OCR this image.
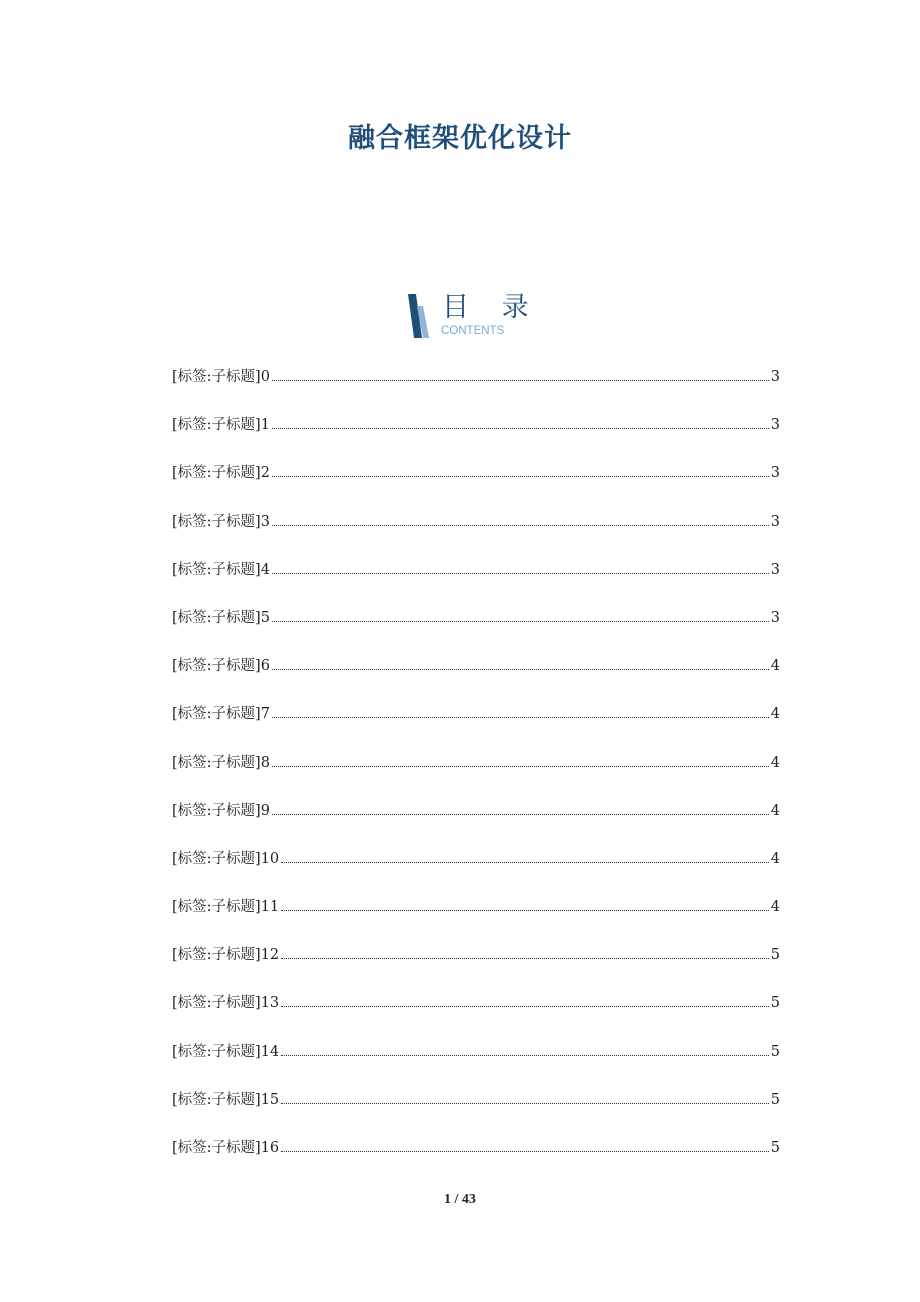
融合框架优化设计
目 录
CONTENTS
[标签:子标题]0	3
[标签:子标题]1	3
[标签:子标题]2	3
[标签:子标题]3	3
[标签:子标题]4	3
[标签:子标题]5	3
[标签:子标题]6	4
[标签:子标题]7	4
[标签:子标题]8	4
[标签:子标题]9	4
[标签:子标题]10	4
[标签:子标题]11	4
[标签:子标题]12	5
[标签:子标题]13	5
[标签:子标题]14	5
[标签:子标题]15	5
[标签:子标题]16	5
1 / 43
